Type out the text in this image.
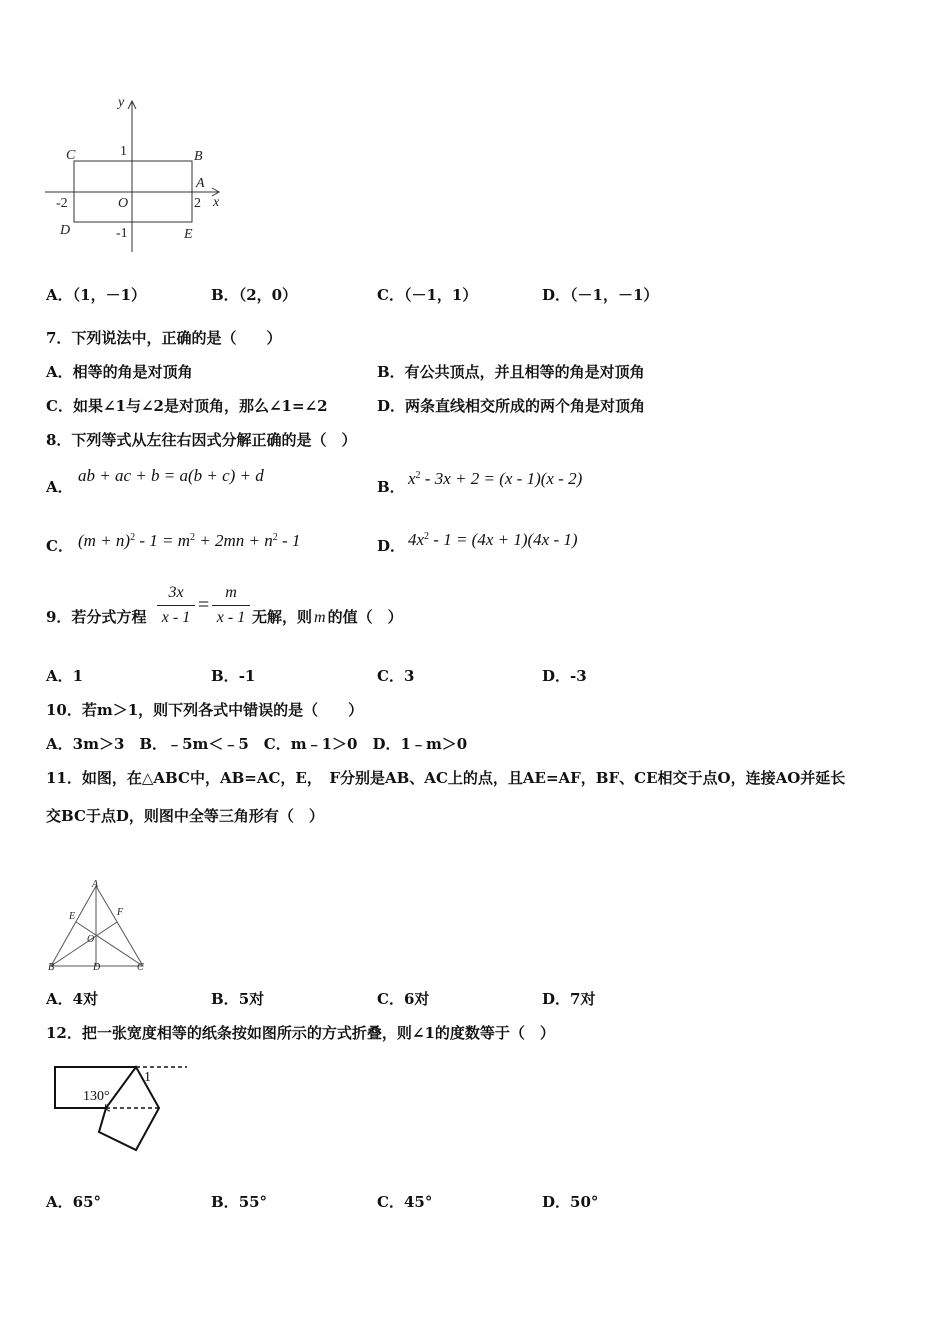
y
x
C	B
A
O
D	E
1
-1
-2	2
A．（1，－1）	B．（2，0）	C．（－1，1）	D．（－1，－1）
7．下列说法中，正确的是（　　）
A．相等的角是对顶角	B．有公共顶点，并且相等的角是对顶角
C．如果∠1与∠2是对顶角，那么∠1=∠2	D．两条直线相交所成的两个角是对顶角
8．下列等式从左往右因式分解正确的是（　）
A．
ab + ac + b = a(b + c) + d
B． $x^2 - 3x + 2 = (x - 1)(x - 2)$
C． $(m + n)^2 - 1 = m^2 + 2mn + n^2 - 1$	D． $4x^2 - 1 = (4x + 1)(4x - 1)$
9．若分式方程
3x
x - 1
=
m
x - 1 无解，则 m 的值（　）
A．1	B．-1	C．3	D．-3
10．若m＞1，则下列各式中错误的是（　　）
A．3m＞3　B．﹣5m＜﹣5　C．m﹣1＞0　D．1﹣m＞0
11．如图，在△ABC中，AB=AC，E，　F分别是AB、AC上的点，且AE=AF，BF、CE相交于点O，连接AO并延长
交BC于点D，则图中全等三角形有（　）
A
E	F
O
B	D	C
A．4对	B．5对	C．6对	D．7对
12．把一张宽度相等的纸条按如图所示的方式折叠，则∠1的度数等于（　）
130°
1
A．65°	B．55°	C．45°	D．50°
